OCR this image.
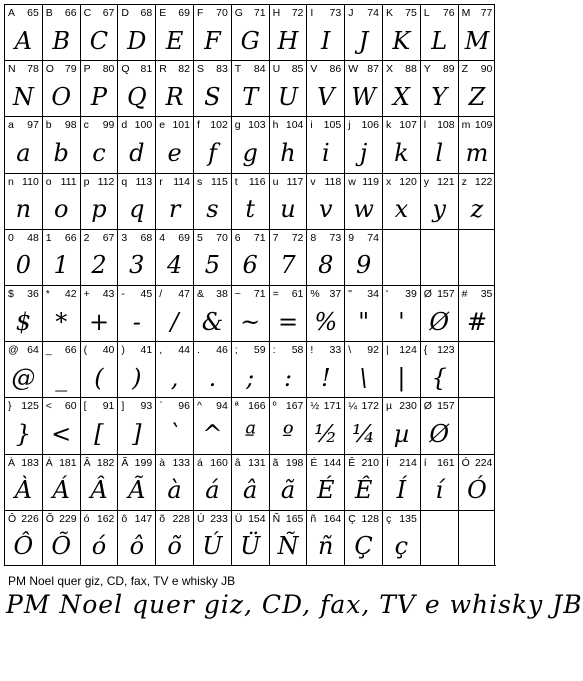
A 65
A
B 66
B
C 67
C
D 68
D
E 69
E
F 70
F
G 71
G
H 72
H
I 73
I
J 74
J
K 75
K
L 76
L
M 77
M
N 78
N
O 79
O
P 80
P
Q 81
Q
R 82
R
S 83
S
T 84
T
U 85
U
V 86
V
W 87
W
X 88
X
Y 89
Y
Z 90
Z
a 97
a
b 98
b
c 99
c
d 100
d
e 101
e
f 102
f
g 103
g
h 104
h
i 105
i
j 106
j
k 107
k
l 108
l
m 109
m
n 110
n
o 111
o
p 112
p
q 113
q
r 114
r
s 115
s
t 116
t
u 117
u
v 118
v
w 119
w
x 120
x
y 121
y
z 122
z
0 48
0
1 66
1
2 67
2
3 68
3
4 69
4
5 70
5
6 71
6
7 72
7
8 73
8
9 74
9
$ 36
$
* 42
*
+ 43
+
- 45
-
/ 47
/
& 38
&
~ 71
~
= 61
=
% 37
%
" 34
"
' 39
'
Ø 157
Ø
# 35
#
@ 64
@
_ 66
_
( 40
(
) 41
)
, 44
,
. 46
.
; 59
;
: 58
:
! 33
!
\ 92
\
| 124
|
{ 123
{
} 125
}
< 60
<
[ 91
[
] 93
]
` 96
`
^ 94
^
ª 166
ª
º 167
º
½ 171
½
¼ 172
¼
µ 230
µ
Ø 157
Ø
À 183
À
Á 181
Á
Â 182
Â
Ã 199
Ã
à 133
à
á 160
á
â 131
â
ã 198
ã
É 144
É
Ê 210
Ê
Í 214
Í
í 161
í
Ó 224
Ó
Ô 226
Ô
Õ 229
Õ
ó 162
ó
ô 147
ô
õ 228
õ
Ú 233
Ú
Ü 154
Ü
Ñ 165
Ñ
ñ 164
ñ
Ç 128
Ç
ç 135
ç
PM Noel quer giz, CD, fax, TV e whisky JB
PM Noel quer giz, CD, fax, TV e whisky JB
